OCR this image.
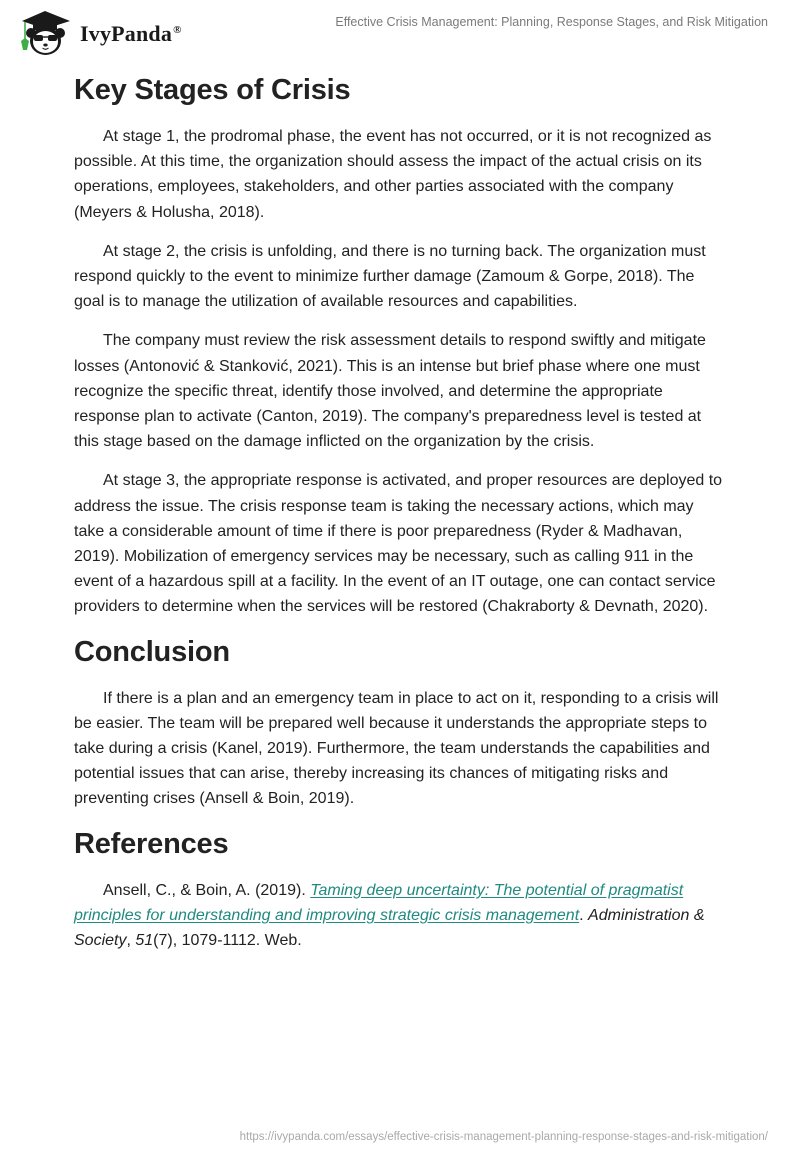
IvyPanda®
Effective Crisis Management: Planning, Response Stages, and Risk Mitigation
Key Stages of Crisis

At stage 1, the prodromal phase, the event has not occurred, or it is not recognized as possible. At this time, the organization should assess the impact of the actual crisis on its operations, employees, stakeholders, and other parties associated with the company (Meyers & Holusha, 2018).

At stage 2, the crisis is unfolding, and there is no turning back. The organization must respond quickly to the event to minimize further damage (Zamoum & Gorpe, 2018). The goal is to manage the utilization of available resources and capabilities.

The company must review the risk assessment details to respond swiftly and mitigate losses (Antonović & Stanković, 2021). This is an intense but brief phase where one must recognize the specific threat, identify those involved, and determine the appropriate response plan to activate (Canton, 2019). The company's preparedness level is tested at this stage based on the damage inflicted on the organization by the crisis.

At stage 3, the appropriate response is activated, and proper resources are deployed to address the issue. The crisis response team is taking the necessary actions, which may take a considerable amount of time if there is poor preparedness (Ryder & Madhavan, 2019). Mobilization of emergency services may be necessary, such as calling 911 in the event of a hazardous spill at a facility. In the event of an IT outage, one can contact service providers to determine when the services will be restored (Chakraborty & Devnath, 2020).

Conclusion

If there is a plan and an emergency team in place to act on it, responding to a crisis will be easier. The team will be prepared well because it understands the appropriate steps to take during a crisis (Kanel, 2019). Furthermore, the team understands the capabilities and potential issues that can arise, thereby increasing its chances of mitigating risks and preventing crises (Ansell & Boin, 2019).

References

Ansell, C., & Boin, A. (2019). Taming deep uncertainty: The potential of pragmatist principles for understanding and improving strategic crisis management. Administration & Society, 51(7), 1079-1112. Web.

https://ivypanda.com/essays/effective-crisis-management-planning-response-stages-and-risk-mitigation/
